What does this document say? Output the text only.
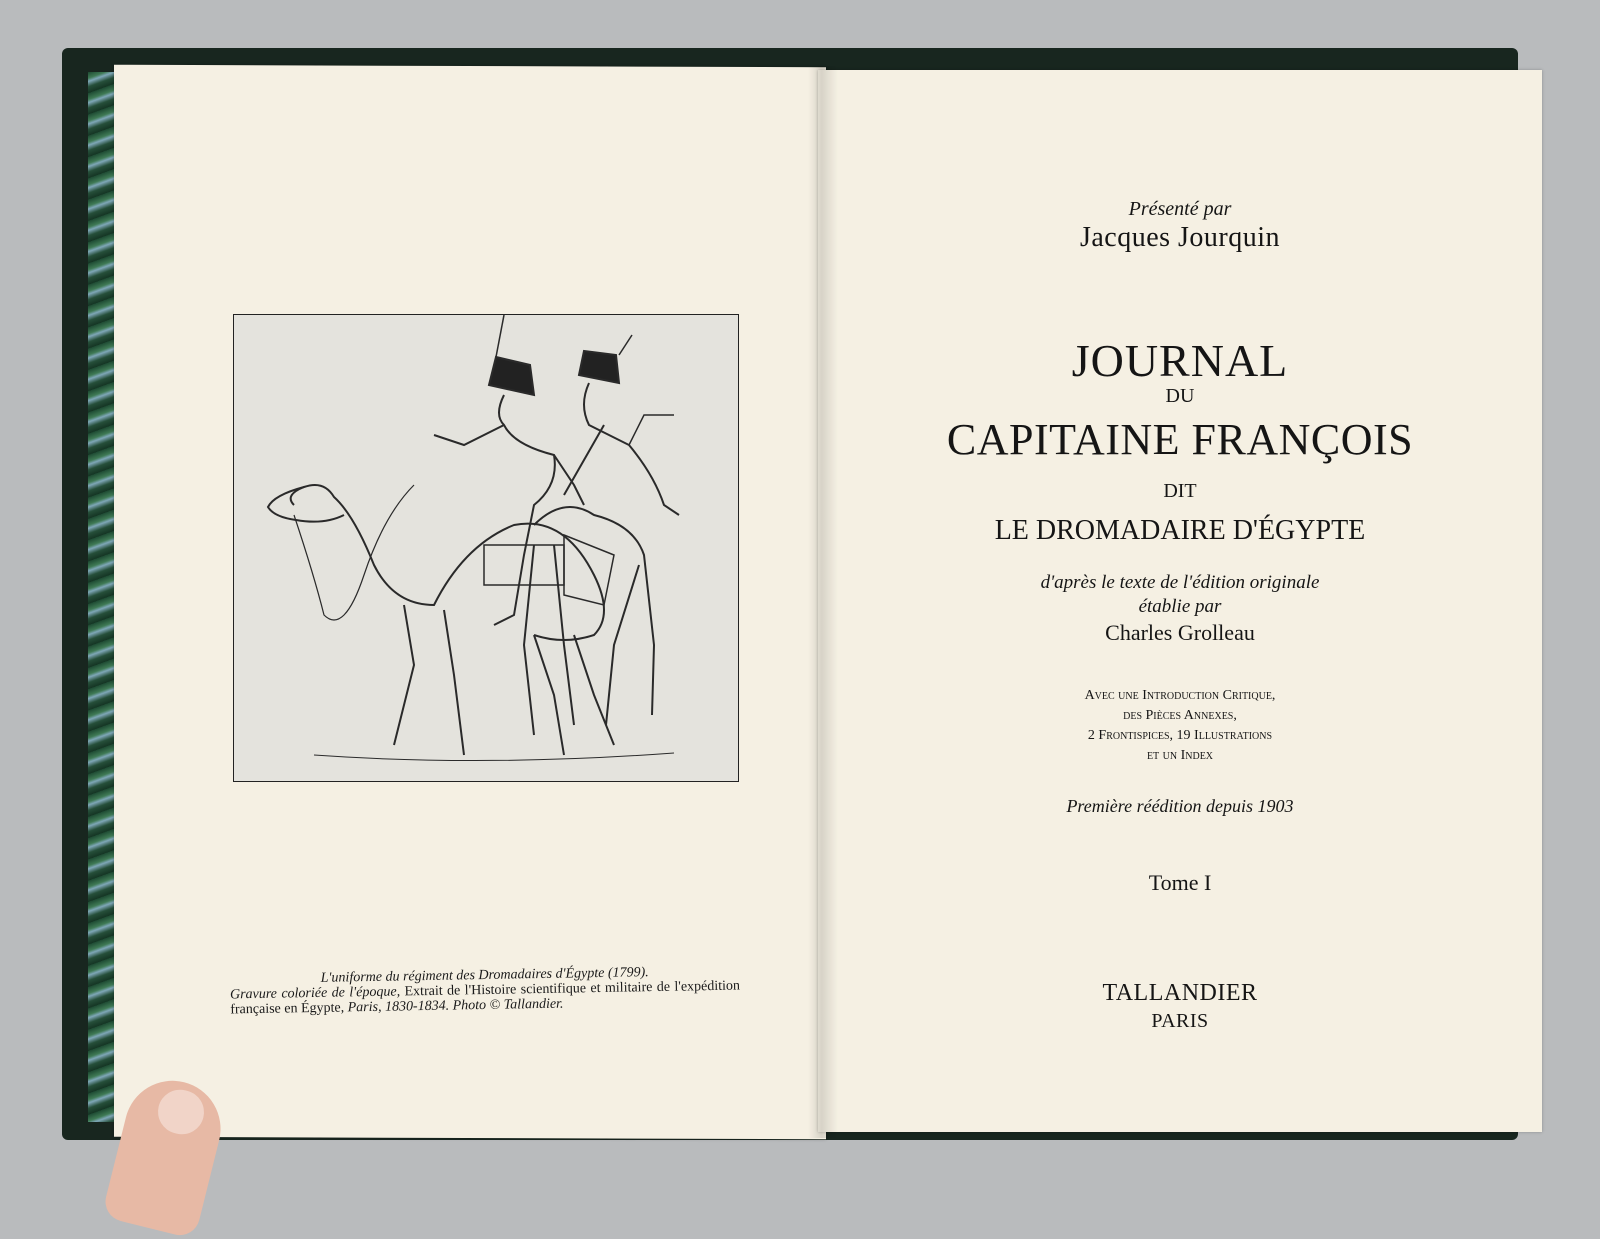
L'uniforme du régiment des Dromadaires d'Égypte (1799).
Gravure coloriée de l'époque, Extrait de l'Histoire scientifique et militaire de l'expédition française en Égypte, Paris, 1830-1834. Photo © Tallandier.
Présenté par
Jacques Jourquin
JOURNAL
DU
CAPITAINE FRANÇOIS
DIT
LE DROMADAIRE D'ÉGYPTE
d'après le texte de l'édition originale
établie par
Charles Grolleau
Avec une Introduction Critique,
des Pièces Annexes,
2 Frontispices, 19 Illustrations
et un Index
Première réédition depuis 1903
Tome I
TALLANDIER
PARIS
